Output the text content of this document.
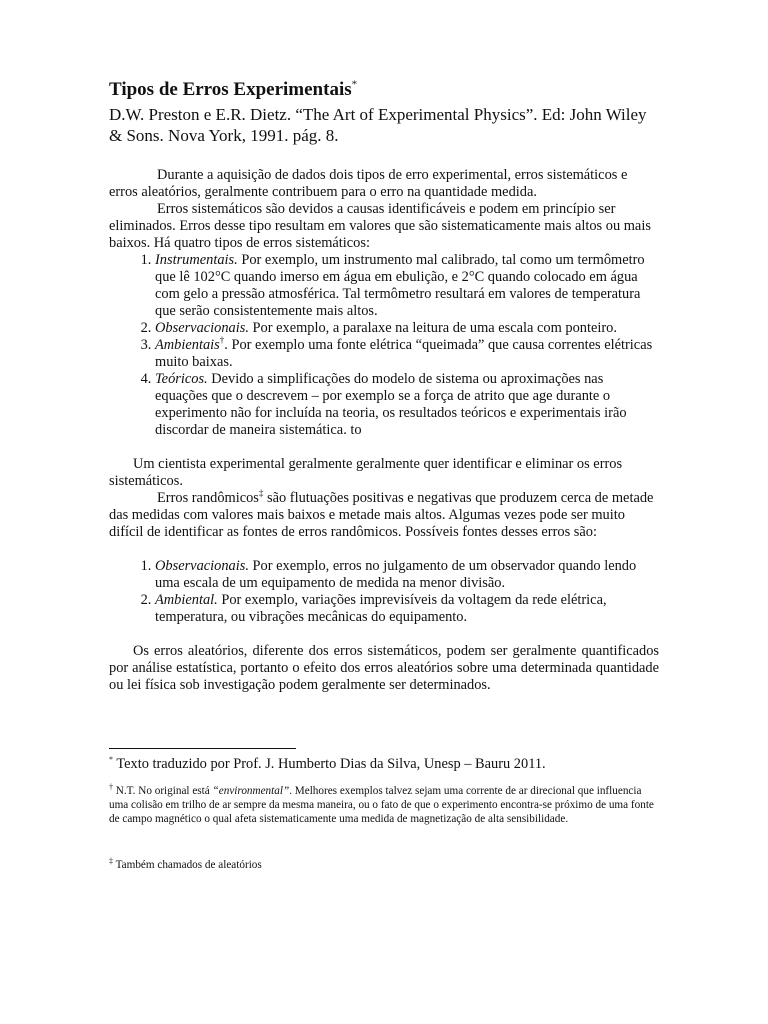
Tipos de Erros Experimentais*

D.W. Preston e E.R. Dietz. “The Art of Experimental Physics”. Ed: John Wiley & Sons. Nova York, 1991. pág. 8.

Durante a aquisição de dados dois tipos de erro experimental, erros sistemáticos e erros aleatórios, geralmente contribuem para o erro na quantidade medida.

Erros sistemáticos são devidos a causas identificáveis e podem em princípio ser eliminados. Erros desse tipo resultam em valores que são sistematicamente mais altos ou mais baixos. Há quatro tipos de erros sistemáticos:

1. Instrumentais. Por exemplo, um instrumento mal calibrado, tal como um termômetro que lê 102°C quando imerso em água em ebulição, e 2°C quando colocado em água com gelo a pressão atmosférica. Tal termômetro resultará em valores de temperatura que serão consistentemente mais altos.
2. Observacionais. Por exemplo, a paralaxe na leitura de uma escala com ponteiro.
3. Ambientais†. Por exemplo uma fonte elétrica “queimada” que causa correntes elétricas muito baixas.
4. Teóricos. Devido a simplificações do modelo de sistema ou aproximações nas equações que o descrevem – por exemplo se a força de atrito que age durante o experimento não for incluída na teoria, os resultados teóricos e experimentais irão discordar de maneira sistemática. to

Um cientista experimental geralmente geralmente quer identificar e eliminar os erros sistemáticos.

Erros randômicos‡ são flutuações positivas e negativas que produzem cerca de metade das medidas com valores mais baixos e metade mais altos. Algumas vezes pode ser muito difícil de identificar as fontes de erros randômicos. Possíveis fontes desses erros são:

1. Observacionais. Por exemplo, erros no julgamento de um observador quando lendo uma escala de um equipamento de medida na menor divisão.
2. Ambiental. Por exemplo, variações imprevisíveis da voltagem da rede elétrica, temperatura, ou vibrações mecânicas do equipamento.

Os erros aleatórios, diferente dos erros sistemáticos, podem ser geralmente quantificados por análise estatística, portanto o efeito dos erros aleatórios sobre uma determinada quantidade ou lei física sob investigação podem geralmente ser determinados.

* Texto traduzido por Prof. J. Humberto Dias da Silva, Unesp – Bauru 2011.
† N.T. No original está “environmental”. Melhores exemplos talvez sejam uma corrente de ar direcional que influencia uma colisão em trilho de ar sempre da mesma maneira, ou o fato de que o experimento encontra-se próximo de uma fonte de campo magnético o qual afeta sistematicamente uma medida de magnetização de alta sensibilidade.
‡ Também chamados de aleatórios
